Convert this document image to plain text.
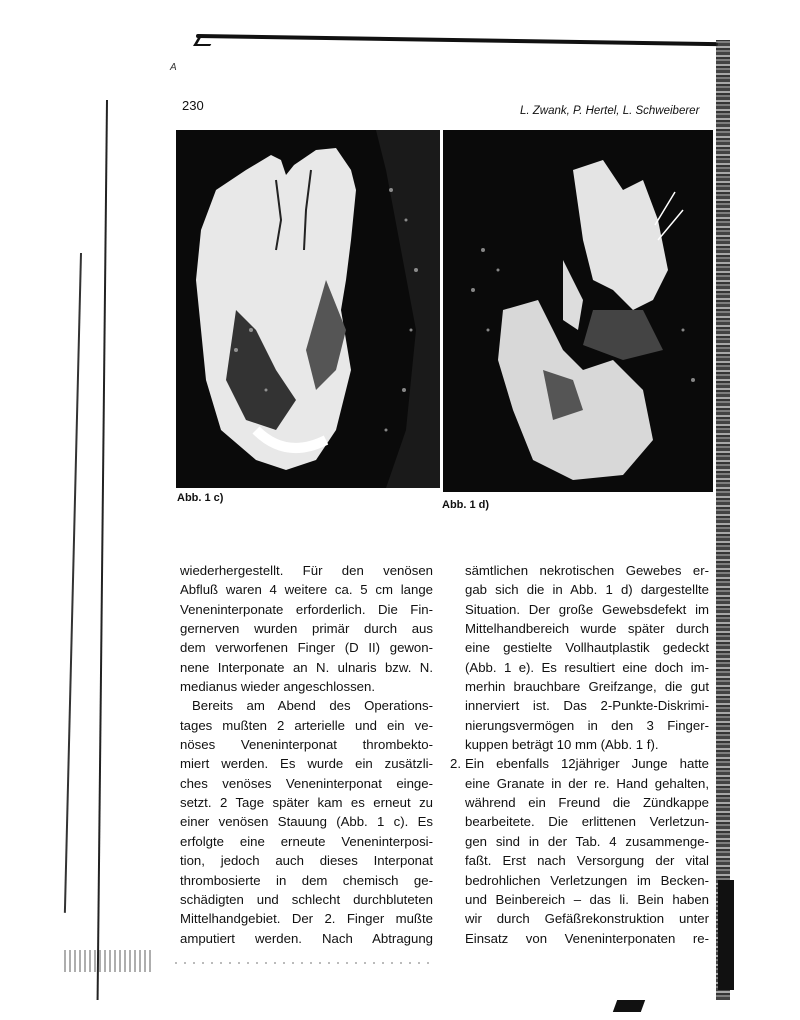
A
230	L. Zwank, P. Hertel, L. Schweiberer
Abb. 1 c)
Abb. 1 d)
wiederhergestellt. Für den venösen
Abfluß waren 4 weitere ca. 5 cm lange
Veneninterponate erforderlich. Die Fin-
gernerven wurden primär durch aus
dem verworfenen Finger (D II) gewon-
nene Interponate an N. ulnaris bzw. N.
medianus wieder angeschlossen.
Bereits am Abend des Operations-
tages mußten 2 arterielle und ein ve-
nöses Veneninterponat thrombekto-
miert werden. Es wurde ein zusätzli-
ches venöses Veneninterponat einge-
setzt. 2 Tage später kam es erneut zu
einer venösen Stauung (Abb. 1 c). Es
erfolgte eine erneute Veneninterposi-
tion, jedoch auch dieses Interponat
thrombosierte in dem chemisch ge-
schädigten und schlecht durchbluteten
Mittelhandgebiet. Der 2. Finger mußte
amputiert werden. Nach Abtragung
sämtlichen nekrotischen Gewebes er-
gab sich die in Abb. 1 d) dargestellte
Situation. Der große Gewebsdefekt im
Mittelhandbereich wurde später durch
eine gestielte Vollhautplastik gedeckt
(Abb. 1 e). Es resultiert eine doch im-
merhin brauchbare Greifzange, die gut
innerviert ist. Das 2-Punkte-Diskrimi-
nierungsvermögen in den 3 Finger-
kuppen beträgt 10 mm (Abb. 1 f).
2. Ein ebenfalls 12jähriger Junge hatte
eine Granate in der re. Hand gehalten,
während ein Freund die Zündkappe
bearbeitete. Die erlittenen Verletzun-
gen sind in der Tab. 4 zusammenge-
faßt. Erst nach Versorgung der vital
bedrohlichen Verletzungen im Becken-
und Beinbereich – das li. Bein haben
wir durch Gefäßrekonstruktion unter
Einsatz von Veneninterponaten re-
